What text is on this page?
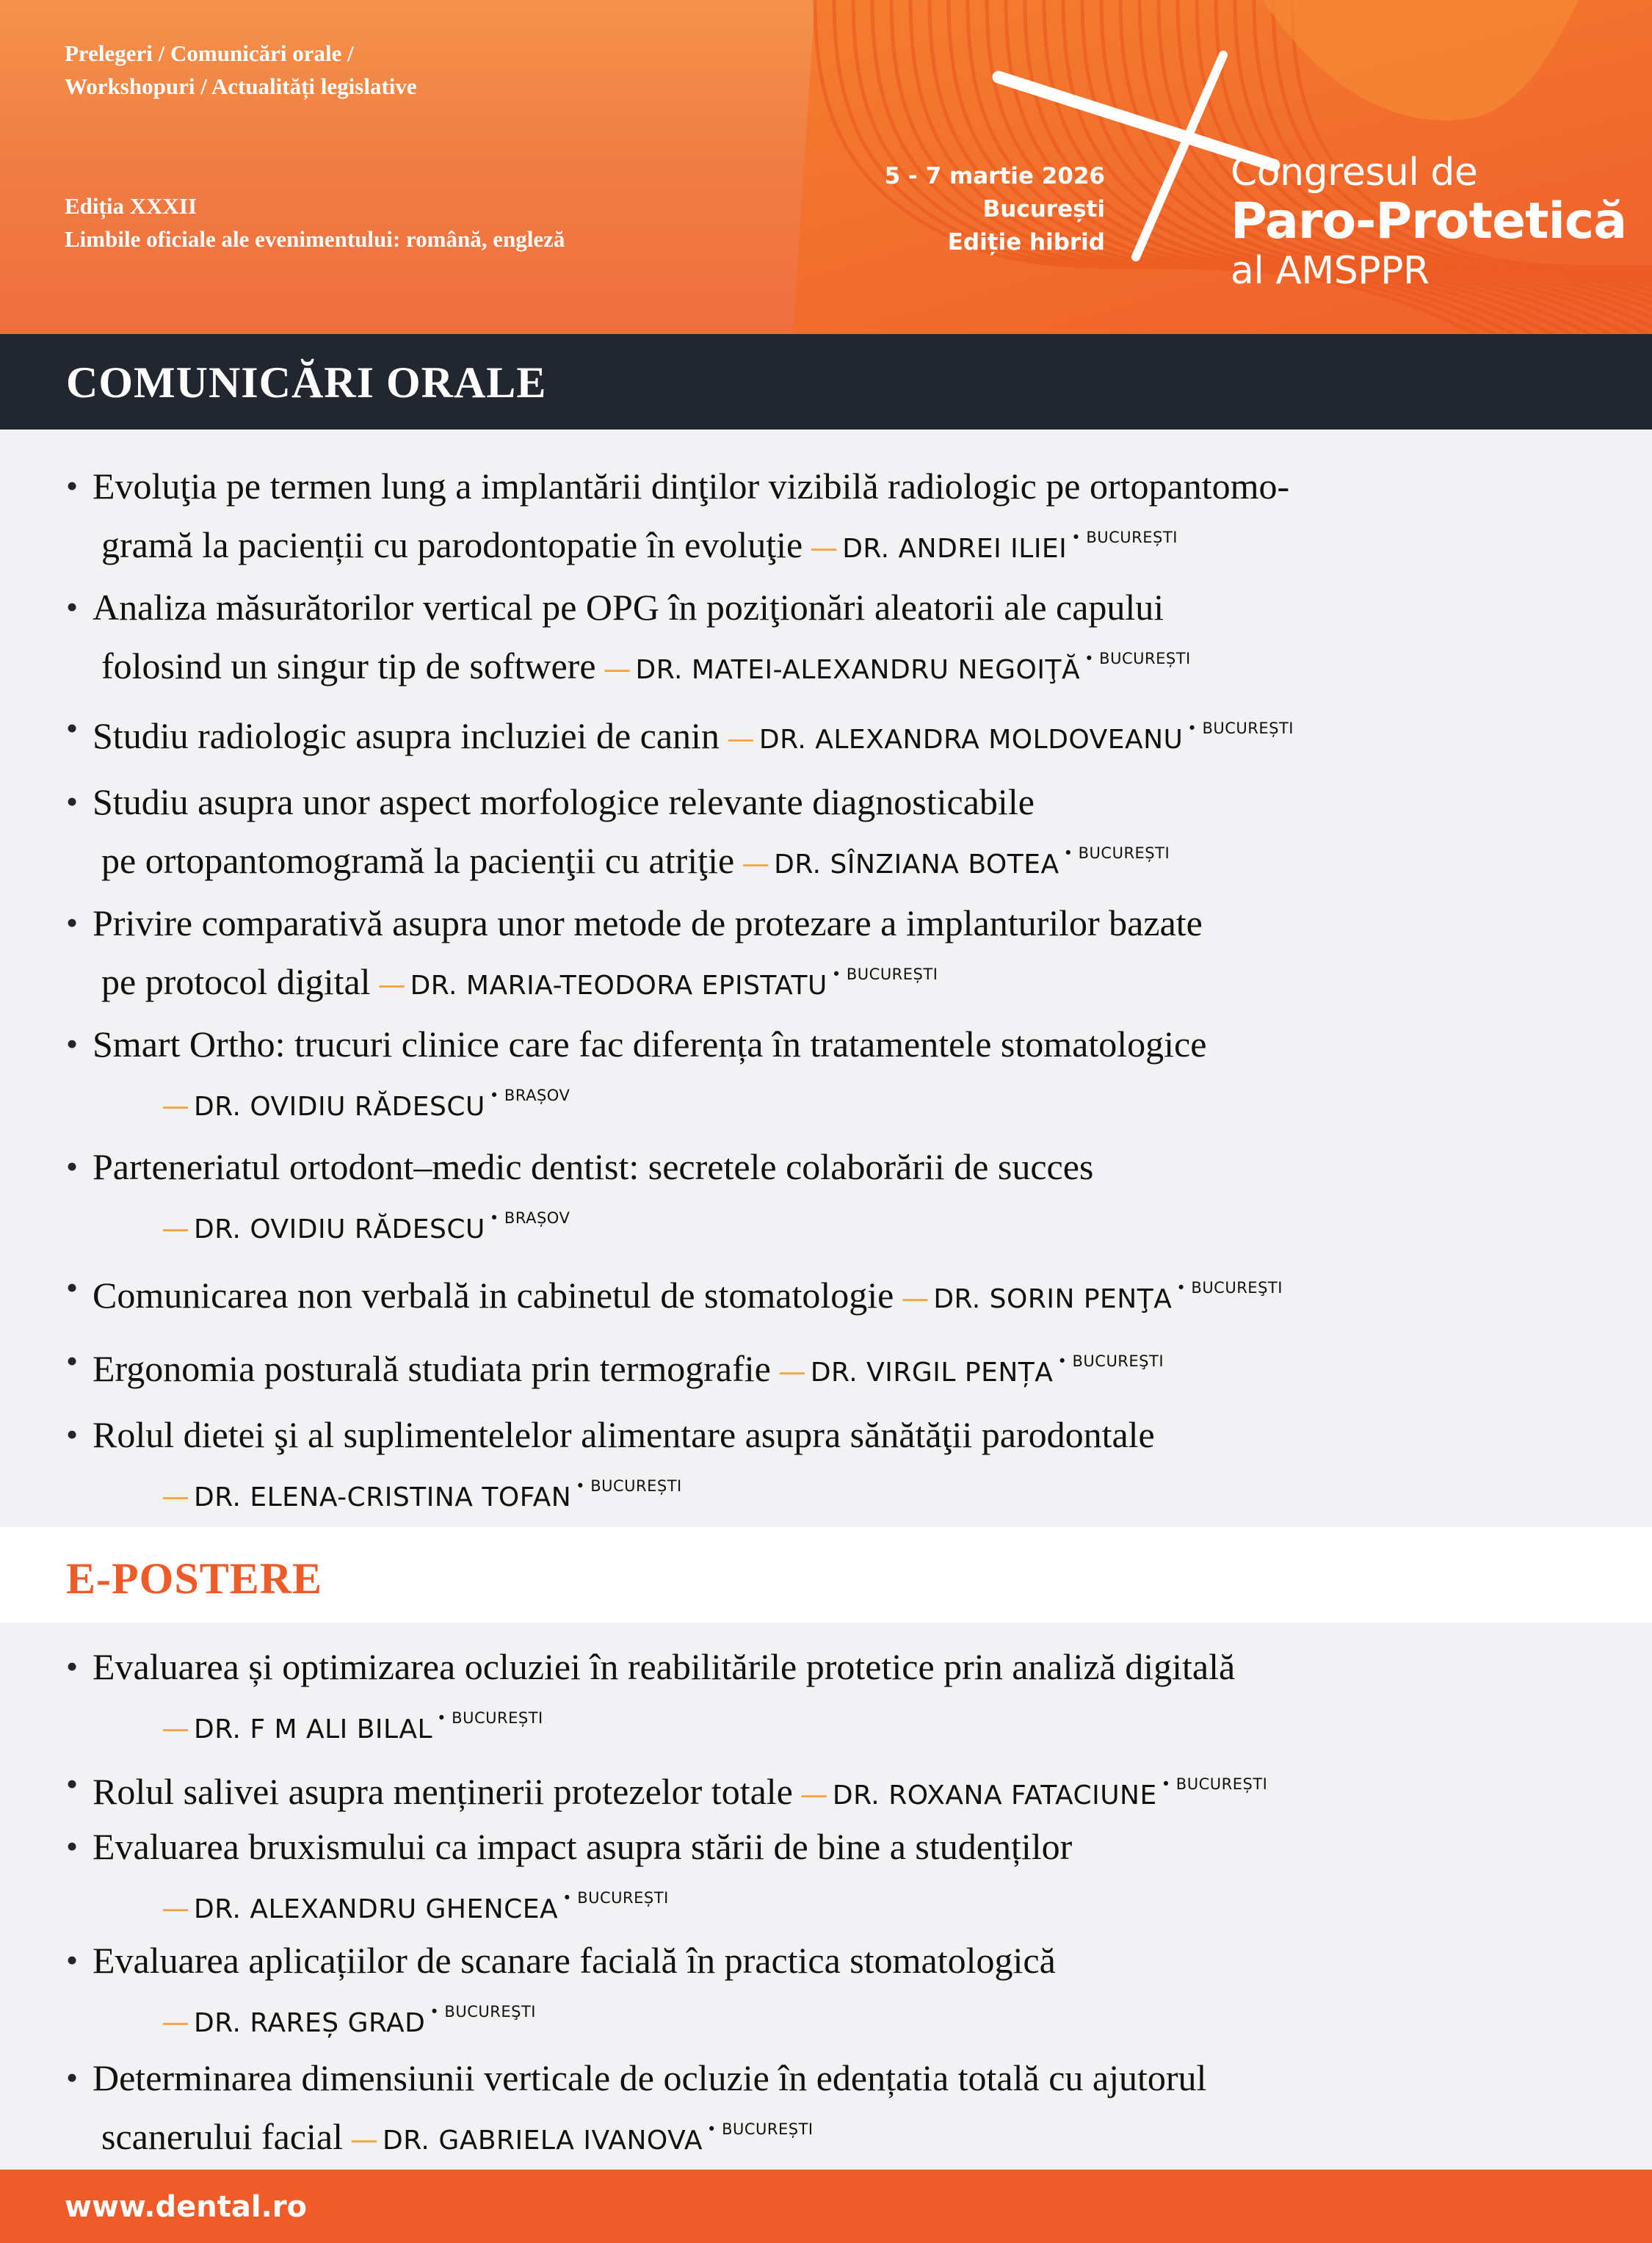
Prelegeri / Comunicări orale /
Workshopuri / Actualități legislative
Ediția XXXII
Limbile oficiale ale evenimentului: română, engleză
5 - 7 martie 2026
București
Ediție hibrid
Congresul de
Paro-Protetică
al AMSPPR
COMUNICĂRI ORALE
• Evoluţia pe termen lung a implantării dinţilor vizibilă radiologic pe ortopantomo-
gramă la pacienții cu parodontopatie în evoluţie — DR. ANDREI ILIEI $^{• BUCUREȘTI}$
• Analiza măsurătorilor vertical pe OPG în poziţionări aleatorii ale capului
folosind un singur tip de softwere — DR. MATEI-ALEXANDRU NEGOIŢĂ $^{• BUCUREȘTI}$
• Studiu radiologic asupra incluziei de canin — DR. ALEXANDRA MOLDOVEANU $^{• BUCUREȘTI}$
• Studiu asupra unor aspect morfologice relevante diagnosticabile
pe ortopantomogramă la pacienţii cu atriţie — DR. SÎNZIANA BOTEA $^{• BUCUREȘTI}$
• Privire comparativă asupra unor metode de protezare a implanturilor bazate
pe protocol digital — DR. MARIA-TEODORA EPISTATU $^{• BUCUREȘTI}$
• Smart Ortho: trucuri clinice care fac diferența în tratamentele stomatologice
— DR. OVIDIU RĂDESCU $^{• BRAȘOV}$
• Parteneriatul ortodont–medic dentist: secretele colaborării de succes
— DR. OVIDIU RĂDESCU $^{• BRAȘOV}$
• Comunicarea non verbală in cabinetul de stomatologie — DR. SORIN PENŢA $^{• BUCUREŞTI}$
• Ergonomia posturală studiata prin termografie — DR. VIRGIL PENȚA $^{• BUCUREŞTI}$
• Rolul dietei şi al suplimentelelor alimentare asupra sănătăţii parodontale
— DR. ELENA-CRISTINA TOFAN $^{• BUCUREȘTI}$
E-POSTERE
• Evaluarea și optimizarea ocluziei în reabilitările protetice prin analiză digitală
— DR. F M ALI BILAL $^{• BUCUREȘTI}$
• Rolul salivei asupra menținerii protezelor totale — DR. ROXANA FATACIUNE $^{• BUCUREȘTI}$
• Evaluarea bruxismului ca impact asupra stării de bine a studenților
— DR. ALEXANDRU GHENCEA $^{• BUCUREȘTI}$
• Evaluarea aplicațiilor de scanare facială în practica stomatologică
— DR. RAREȘ GRAD $^{• BUCUREŞTI}$
• Determinarea dimensiunii verticale de ocluzie în edențatia totală cu ajutorul
scanerului facial — DR. GABRIELA IVANOVA $^{• BUCUREȘTI}$
www.dental.ro
